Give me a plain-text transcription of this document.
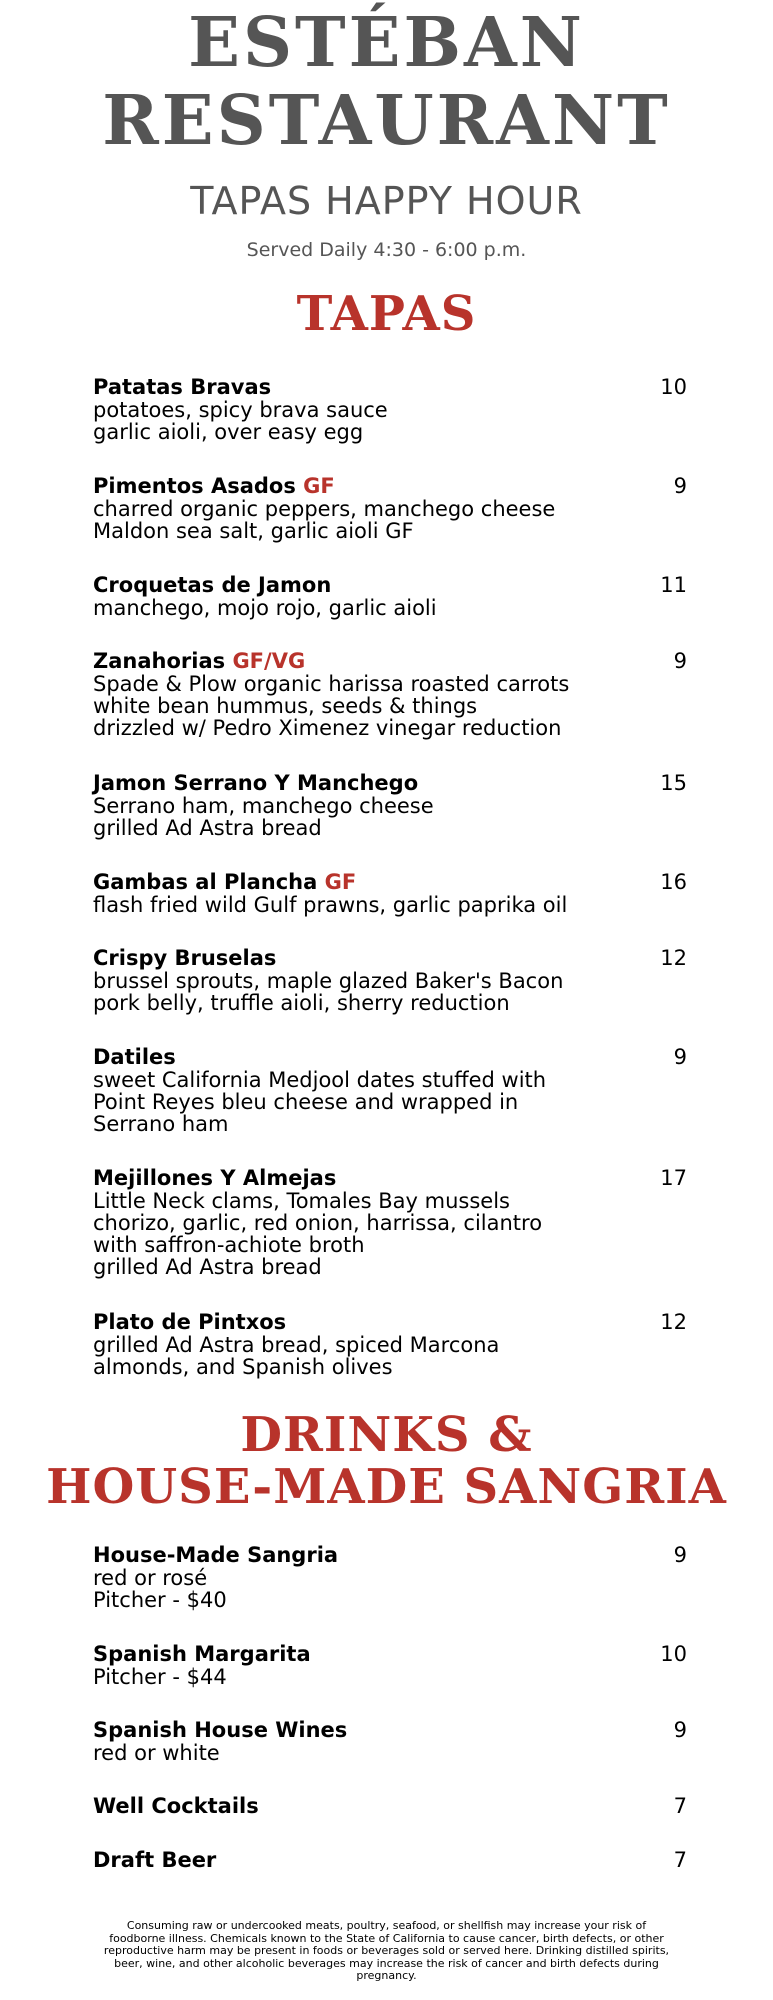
ESTÉBAN
RESTAURANT
TAPAS HAPPY HOUR
Served Daily 4:30 - 6:00 p.m.
TAPAS
Patatas Bravas	10
potatoes, spicy brava sauce
garlic aioli, over easy egg
Pimentos Asados GF	9
charred organic peppers, manchego cheese
Maldon sea salt, garlic aioli GF
Croquetas de Jamon	11
manchego, mojo rojo, garlic aioli
Zanahorias GF/VG	9
Spade & Plow organic harissa roasted carrots
white bean hummus, seeds & things
drizzled w/ Pedro Ximenez vinegar reduction
Jamon Serrano Y Manchego	15
Serrano ham, manchego cheese
grilled Ad Astra bread
Gambas al Plancha GF	16
flash fried wild Gulf prawns, garlic paprika oil
Crispy Bruselas	12
brussel sprouts, maple glazed Baker's Bacon
pork belly, truffle aioli, sherry reduction
Datiles	9
sweet California Medjool dates stuffed with
Point Reyes bleu cheese and wrapped in
Serrano ham
Mejillones Y Almejas	17
Little Neck clams, Tomales Bay mussels
chorizo, garlic, red onion, harrissa, cilantro
with saffron-achiote broth
grilled Ad Astra bread
Plato de Pintxos	12
grilled Ad Astra bread, spiced Marcona
almonds, and Spanish olives
DRINKS &
HOUSE-MADE SANGRIA
House-Made Sangria	9
red or rosé
Pitcher - $40
Spanish Margarita	10
Pitcher - $44
Spanish House Wines	9
red or white
Well Cocktails	7
Draft Beer	7
Consuming raw or undercooked meats, poultry, seafood, or shellfish may increase your risk of foodborne illness. Chemicals known to the State of California to cause cancer, birth defects, or other reproductive harm may be present in foods or beverages sold or served here. Drinking distilled spirits, beer, wine, and other alcoholic beverages may increase the risk of cancer and birth defects during pregnancy.
